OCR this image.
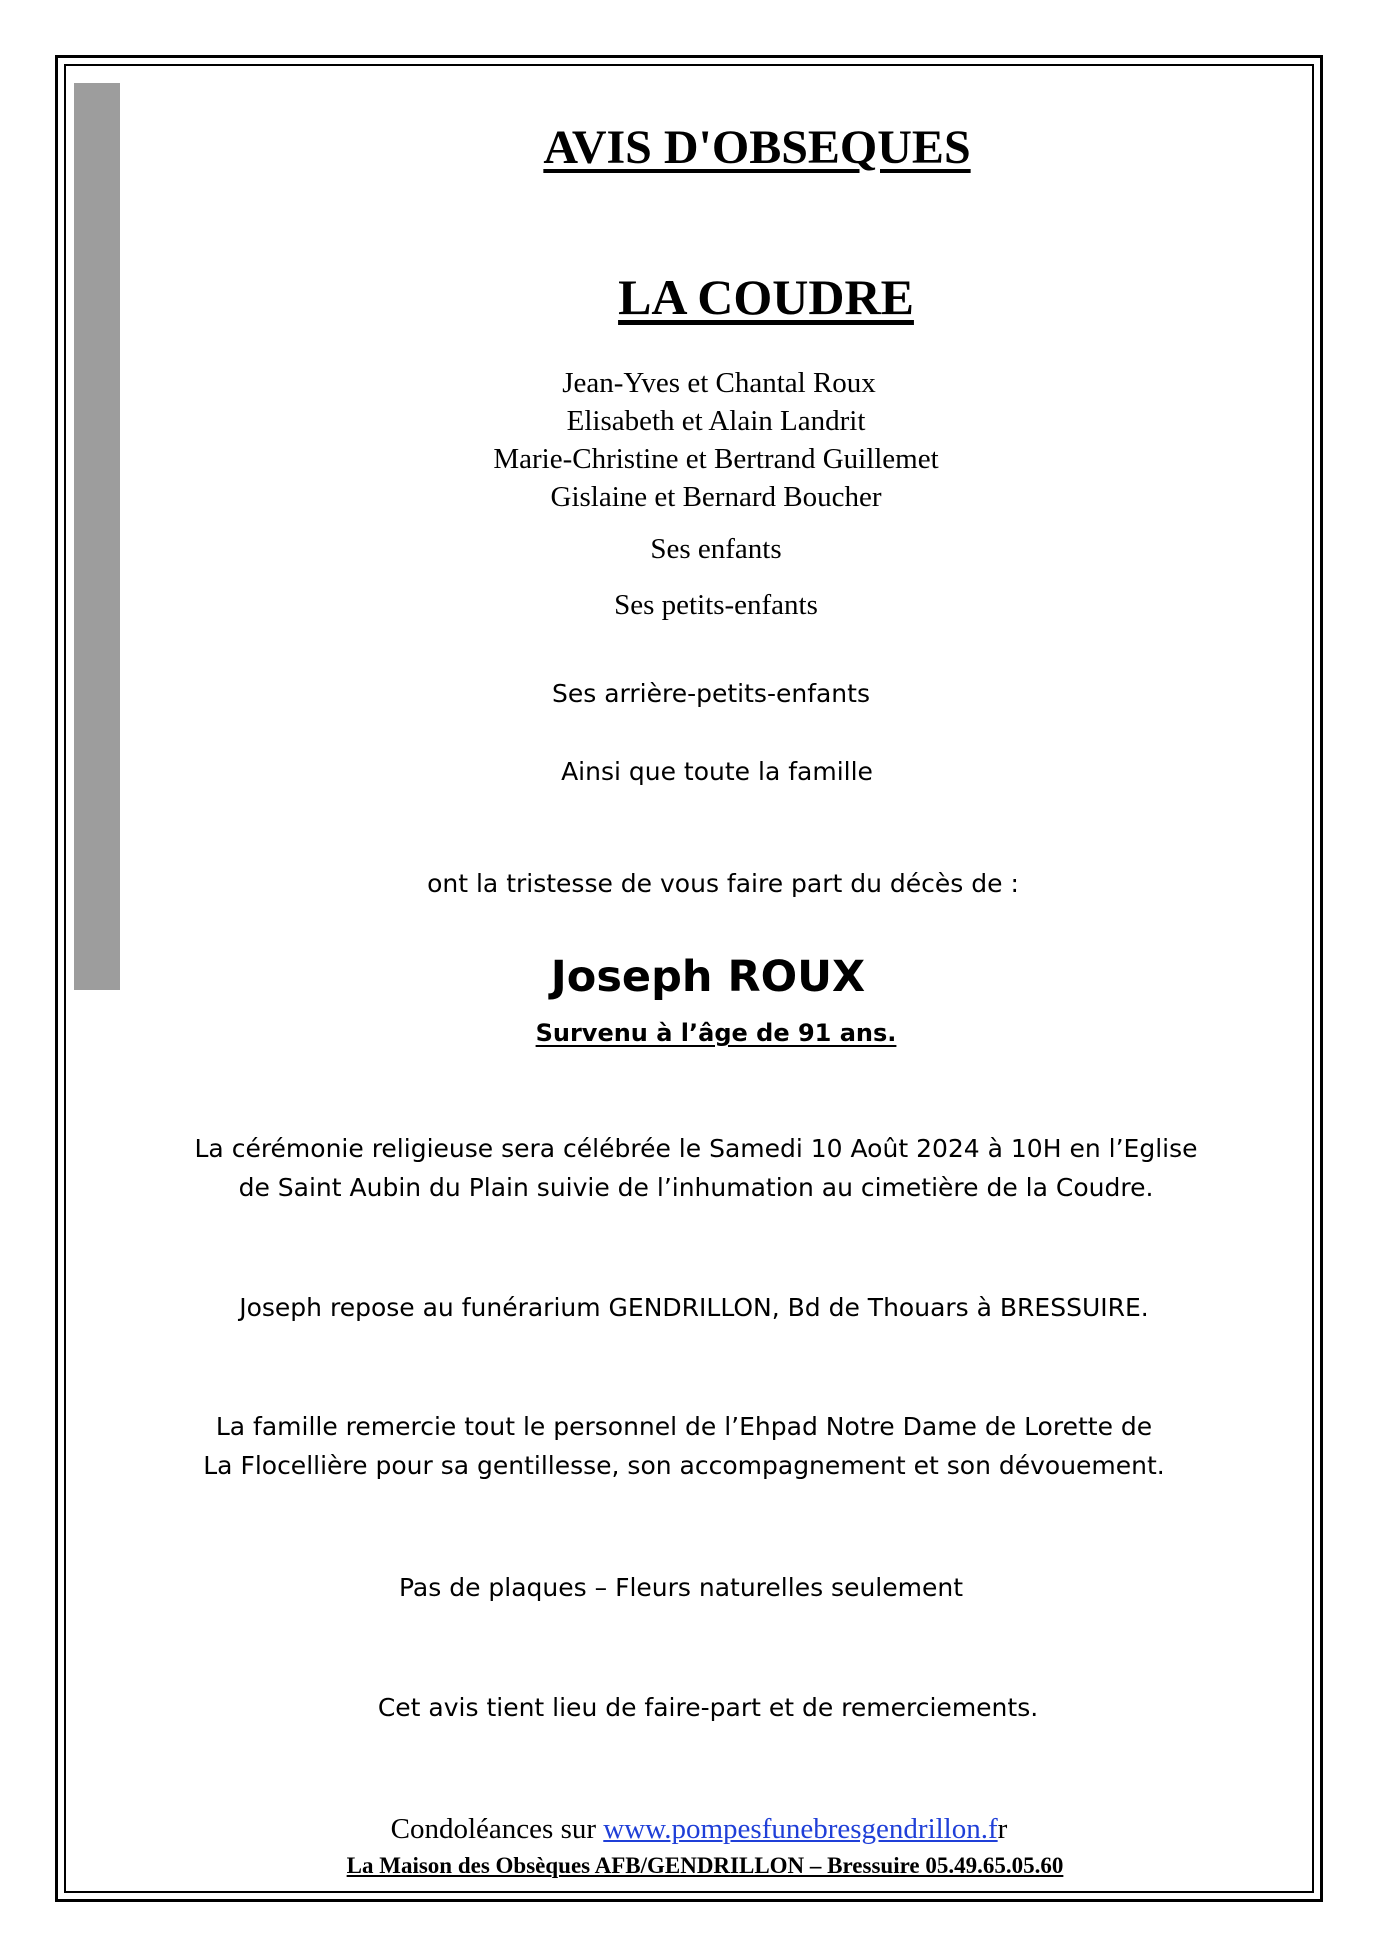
AVIS D'OBSEQUES
LA COUDRE
Jean-Yves et Chantal Roux
Elisabeth et Alain Landrit
Marie-Christine et Bertrand Guillemet
Gislaine et Bernard Boucher
Ses enfants
Ses petits-enfants
Ses arrière-petits-enfants
Ainsi que toute la famille
ont la tristesse de vous faire part du décès de :
Joseph ROUX
Survenu à l’âge de 91 ans.
La cérémonie religieuse sera célébrée le Samedi 10 Août 2024 à 10H en l’Eglise
de Saint Aubin du Plain suivie de l’inhumation au cimetière de la Coudre.
Joseph repose au funérarium GENDRILLON, Bd de Thouars à BRESSUIRE.
La famille remercie tout le personnel de l’Ehpad Notre Dame de Lorette de
La Flocellière pour sa gentillesse, son accompagnement et son dévouement.
Pas de plaques – Fleurs naturelles seulement
Cet avis tient lieu de faire-part et de remerciements.
Condoléances sur www.pompesfunebresgendrillon.fr
La Maison des Obsèques AFB/GENDRILLON – Bressuire 05.49.65.05.60
